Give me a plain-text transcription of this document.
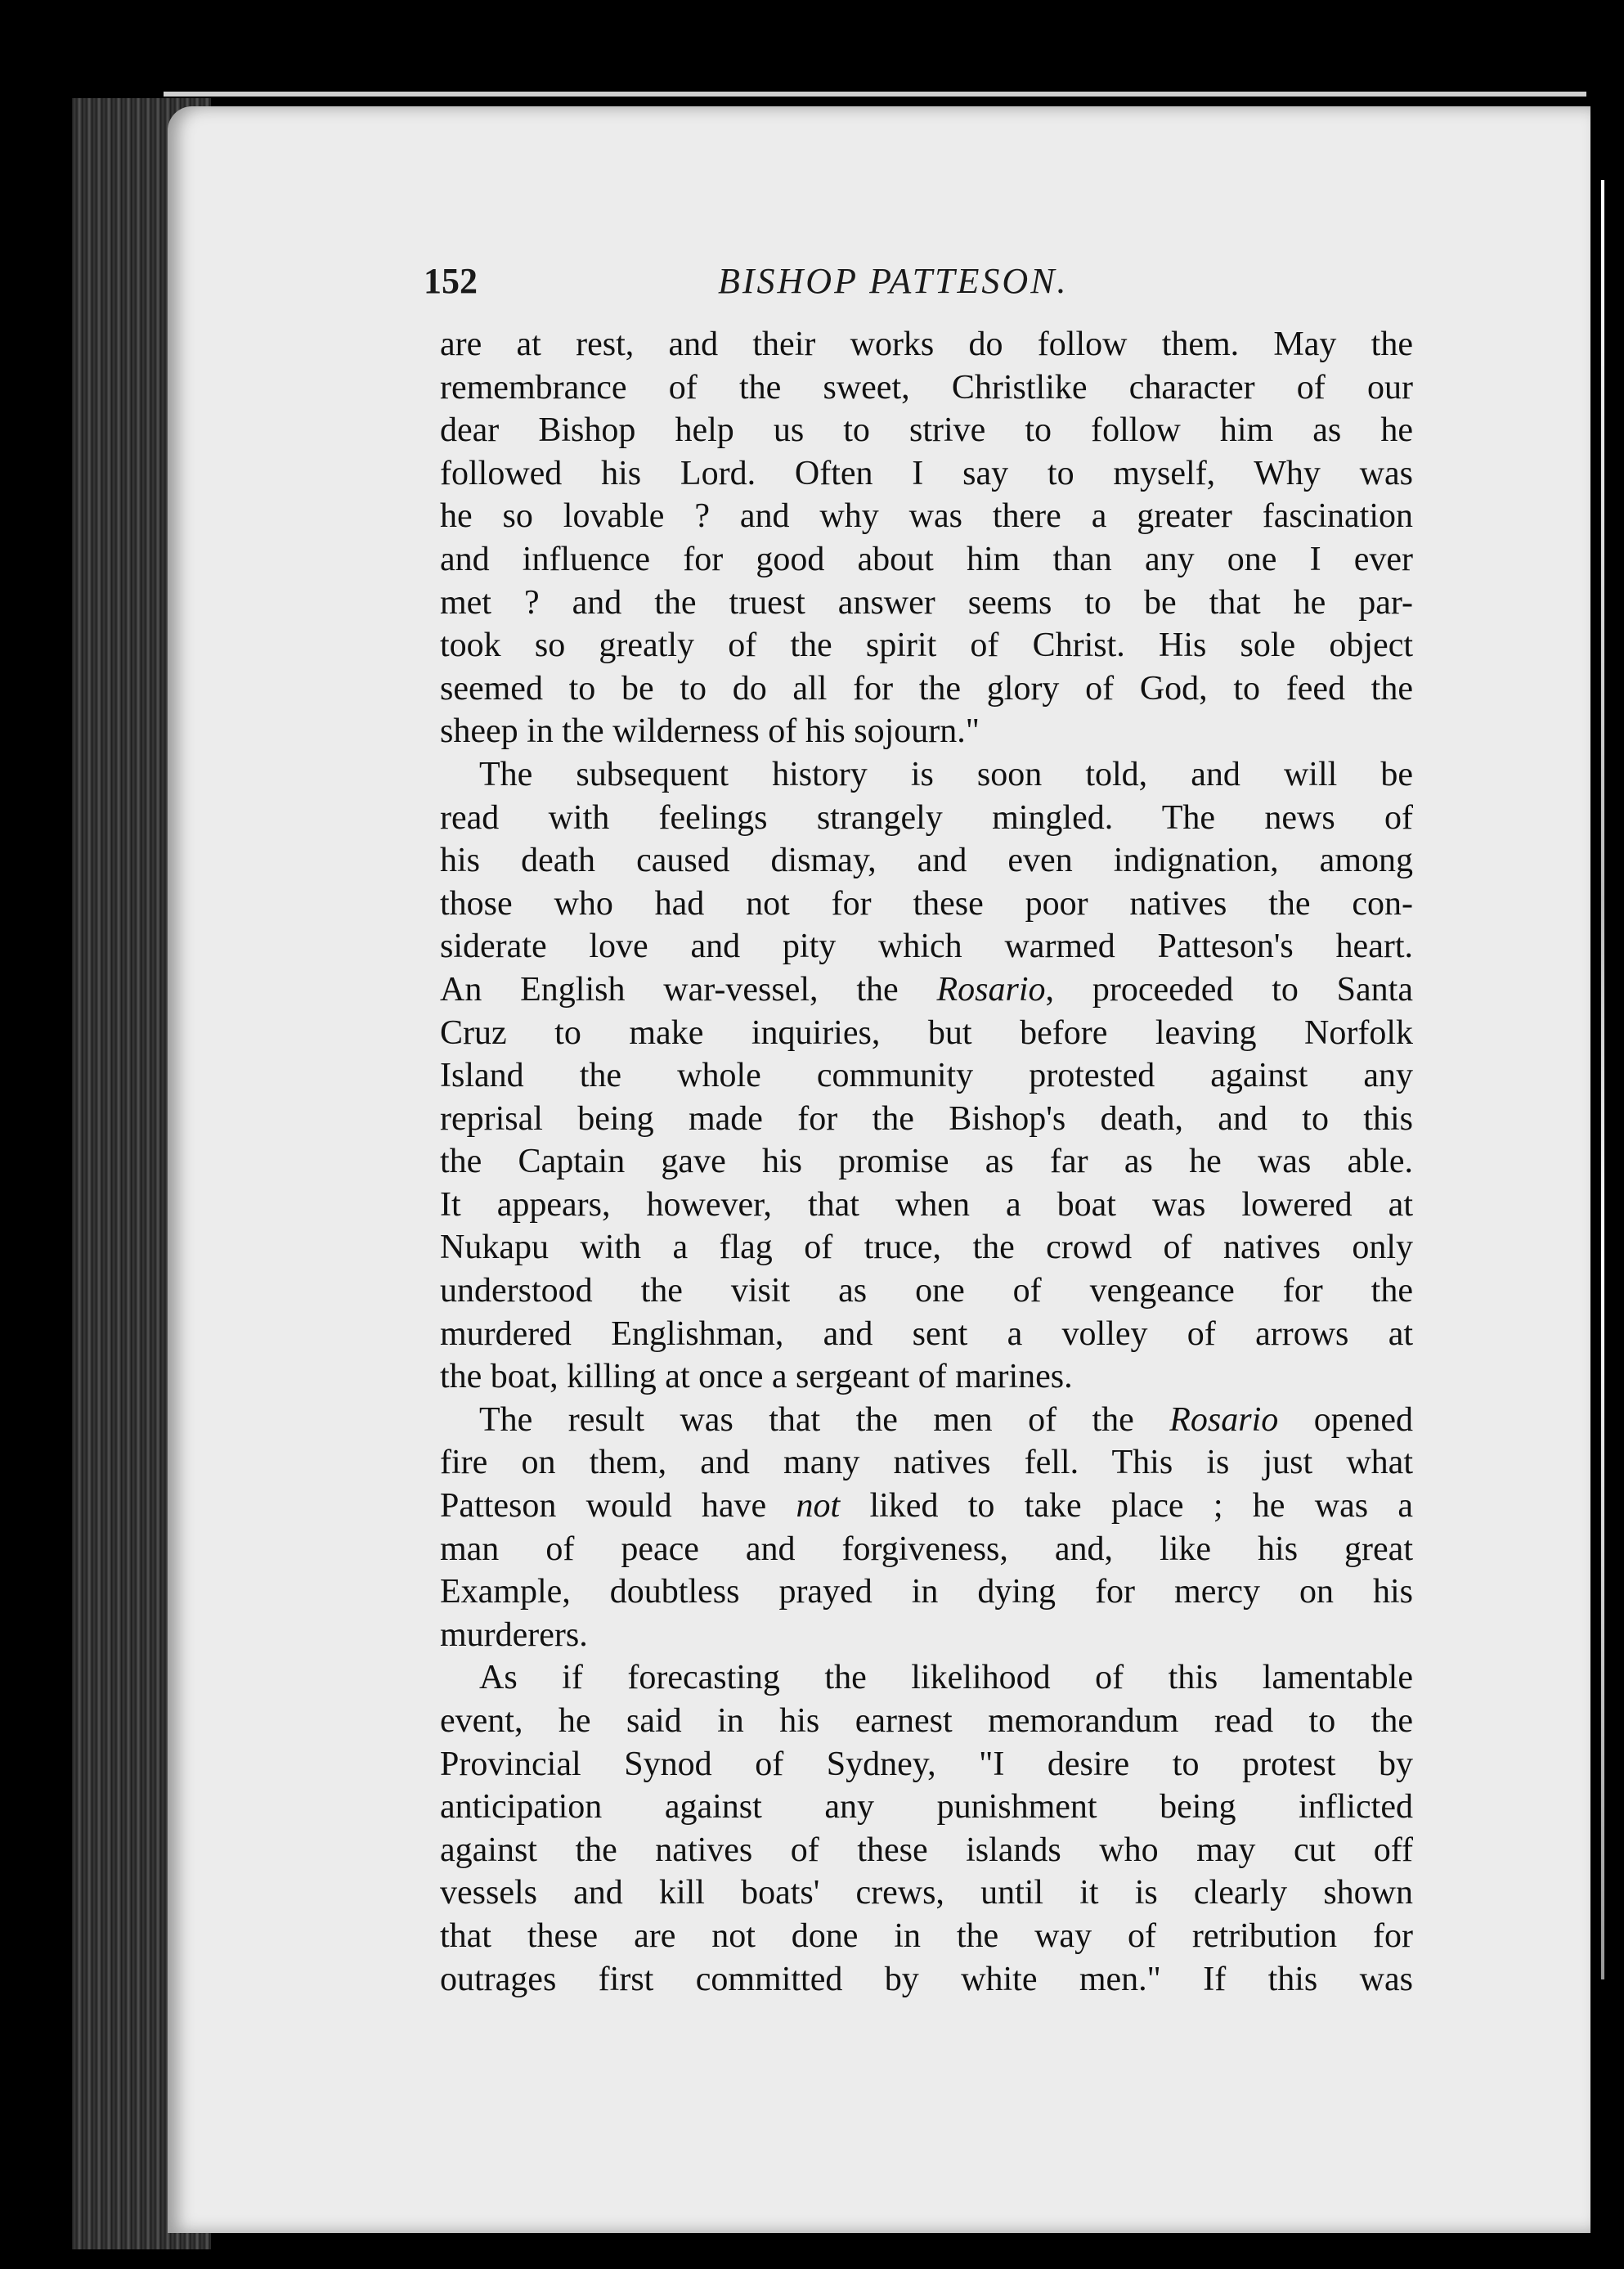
152	BISHOP PATTESON.
are at rest, and their works do follow them. May the
remembrance of the sweet, Christlike character of our
dear Bishop help us to strive to follow him as he
followed his Lord. Often I say to myself, Why was
he so lovable ? and why was there a greater fascination
and influence for good about him than any one I ever
met ? and the truest answer seems to be that he par-
took so greatly of the spirit of Christ. His sole object
seemed to be to do all for the glory of God, to feed the
sheep in the wilderness of his sojourn."
The subsequent history is soon told, and will be
read with feelings strangely mingled. The news of
his death caused dismay, and even indignation, among
those who had not for these poor natives the con-
siderate love and pity which warmed Patteson's heart.
An English war-vessel, the Rosario, proceeded to Santa
Cruz to make inquiries, but before leaving Norfolk
Island the whole community protested against any
reprisal being made for the Bishop's death, and to this
the Captain gave his promise as far as he was able.
It appears, however, that when a boat was lowered at
Nukapu with a flag of truce, the crowd of natives only
understood the visit as one of vengeance for the
murdered Englishman, and sent a volley of arrows at
the boat, killing at once a sergeant of marines.
The result was that the men of the Rosario opened
fire on them, and many natives fell. This is just what
Patteson would have not liked to take place ; he was a
man of peace and forgiveness, and, like his great
Example, doubtless prayed in dying for mercy on his
murderers.
As if forecasting the likelihood of this lamentable
event, he said in his earnest memorandum read to the
Provincial Synod of Sydney, "I desire to protest by
anticipation against any punishment being inflicted
against the natives of these islands who may cut off
vessels and kill boats' crews, until it is clearly shown
that these are not done in the way of retribution for
outrages first committed by white men." If this was
